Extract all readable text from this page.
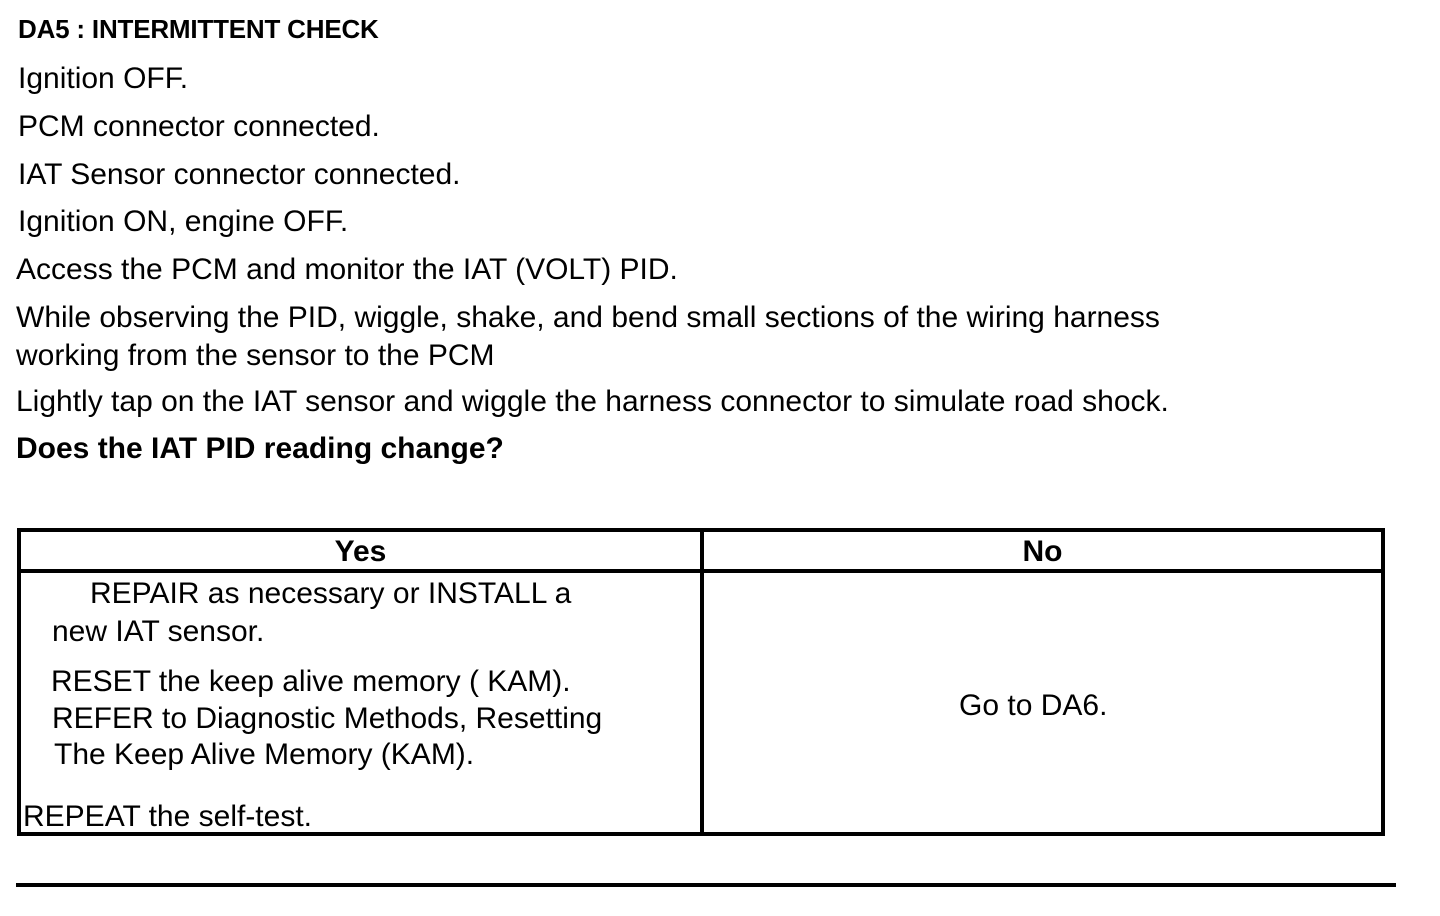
DA5 : INTERMITTENT CHECK
Ignition OFF.
PCM connector connected.
IAT Sensor connector connected.
Ignition ON, engine OFF.
Access the PCM and monitor the IAT (VOLT) PID.
While observing the PID, wiggle, shake, and bend small sections of the wiring harness
working from the sensor to the PCM
Lightly tap on the IAT sensor and wiggle the harness connector to simulate road shock.
Does the IAT PID reading change?
Yes	No
REPAIR as necessary or INSTALL a
new IAT sensor.
RESET the keep alive memory ( KAM).
REFER to Diagnostic Methods, Resetting
The Keep Alive Memory (KAM).
REPEAT the self-test.
Go to DA6.
